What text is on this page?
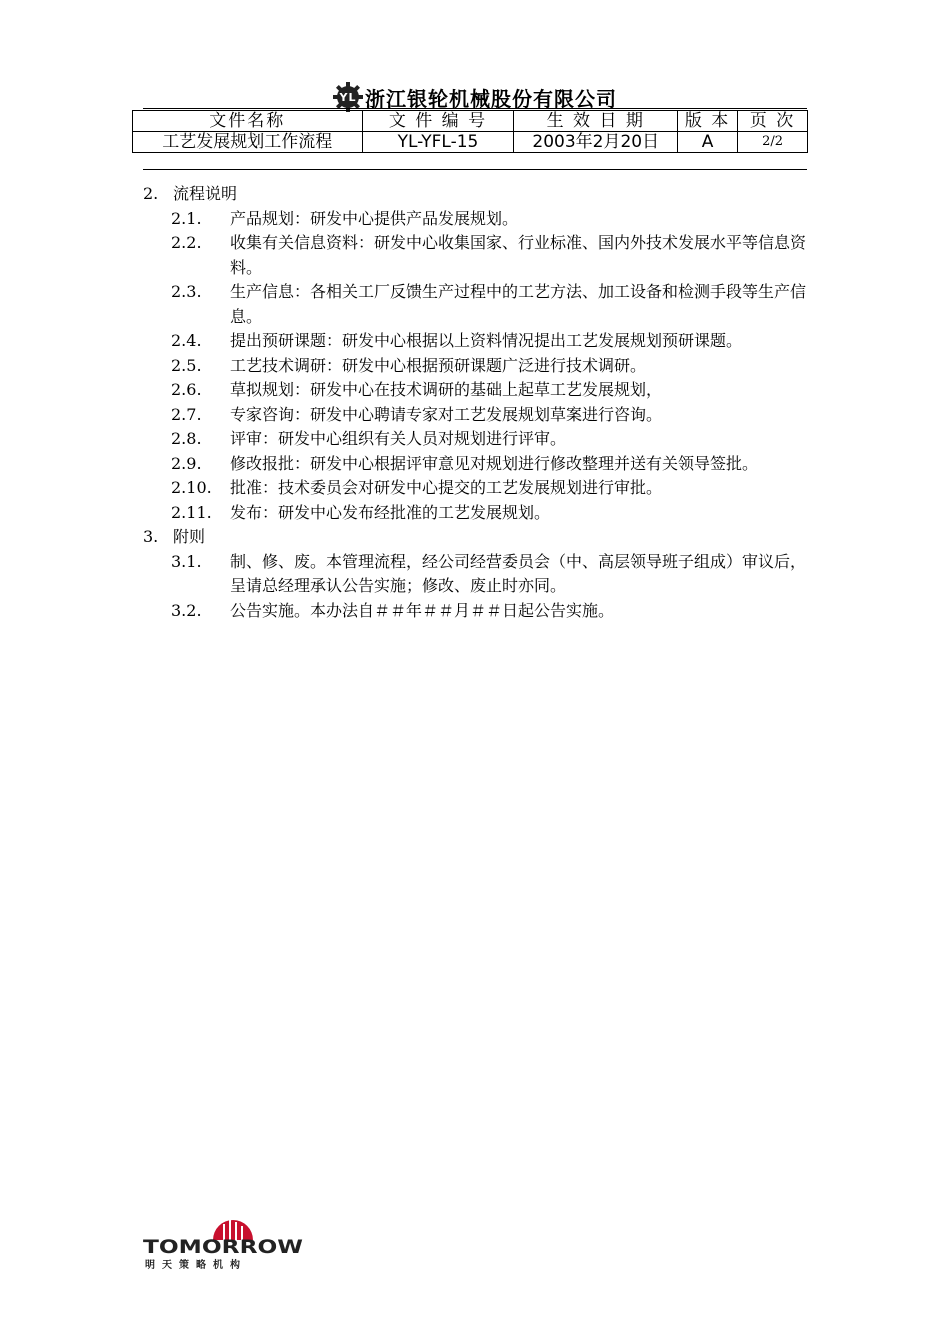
YL 浙江银轮机械股份有限公司
文件名称	文 件 编 号	生 效 日 期	版 本	页 次
工艺发展规划工作流程	YL-YFL-15	2003年2月20日	A	2/2
2. 流程说明
2.1. 产品规划：研发中心提供产品发展规划。
2.2. 收集有关信息资料：研发中心收集国家、行业标准、国内外技术发展水平等信息资料。
2.3. 生产信息：各相关工厂反馈生产过程中的工艺方法、加工设备和检测手段等生产信息。
2.4. 提出预研课题：研发中心根据以上资料情况提出工艺发展规划预研课题。
2.5. 工艺技术调研：研发中心根据预研课题广泛进行技术调研。
2.6. 草拟规划：研发中心在技术调研的基础上起草工艺发展规划，
2.7. 专家咨询：研发中心聘请专家对工艺发展规划草案进行咨询。
2.8. 评审：研发中心组织有关人员对规划进行评审。
2.9. 修改报批：研发中心根据评审意见对规划进行修改整理并送有关领导签批。
2.10. 批准：技术委员会对研发中心提交的工艺发展规划进行审批。
2.11. 发布：研发中心发布经批准的工艺发展规划。
3. 附则
3.1. 制、修、废。本管理流程，经公司经营委员会（中、高层领导班子组成）审议后，呈请总经理承认公告实施；修改、废止时亦同。
3.2. 公告实施。本办法自＃＃年＃＃月＃＃日起公告实施。
TOMORROW
明天策略机构
